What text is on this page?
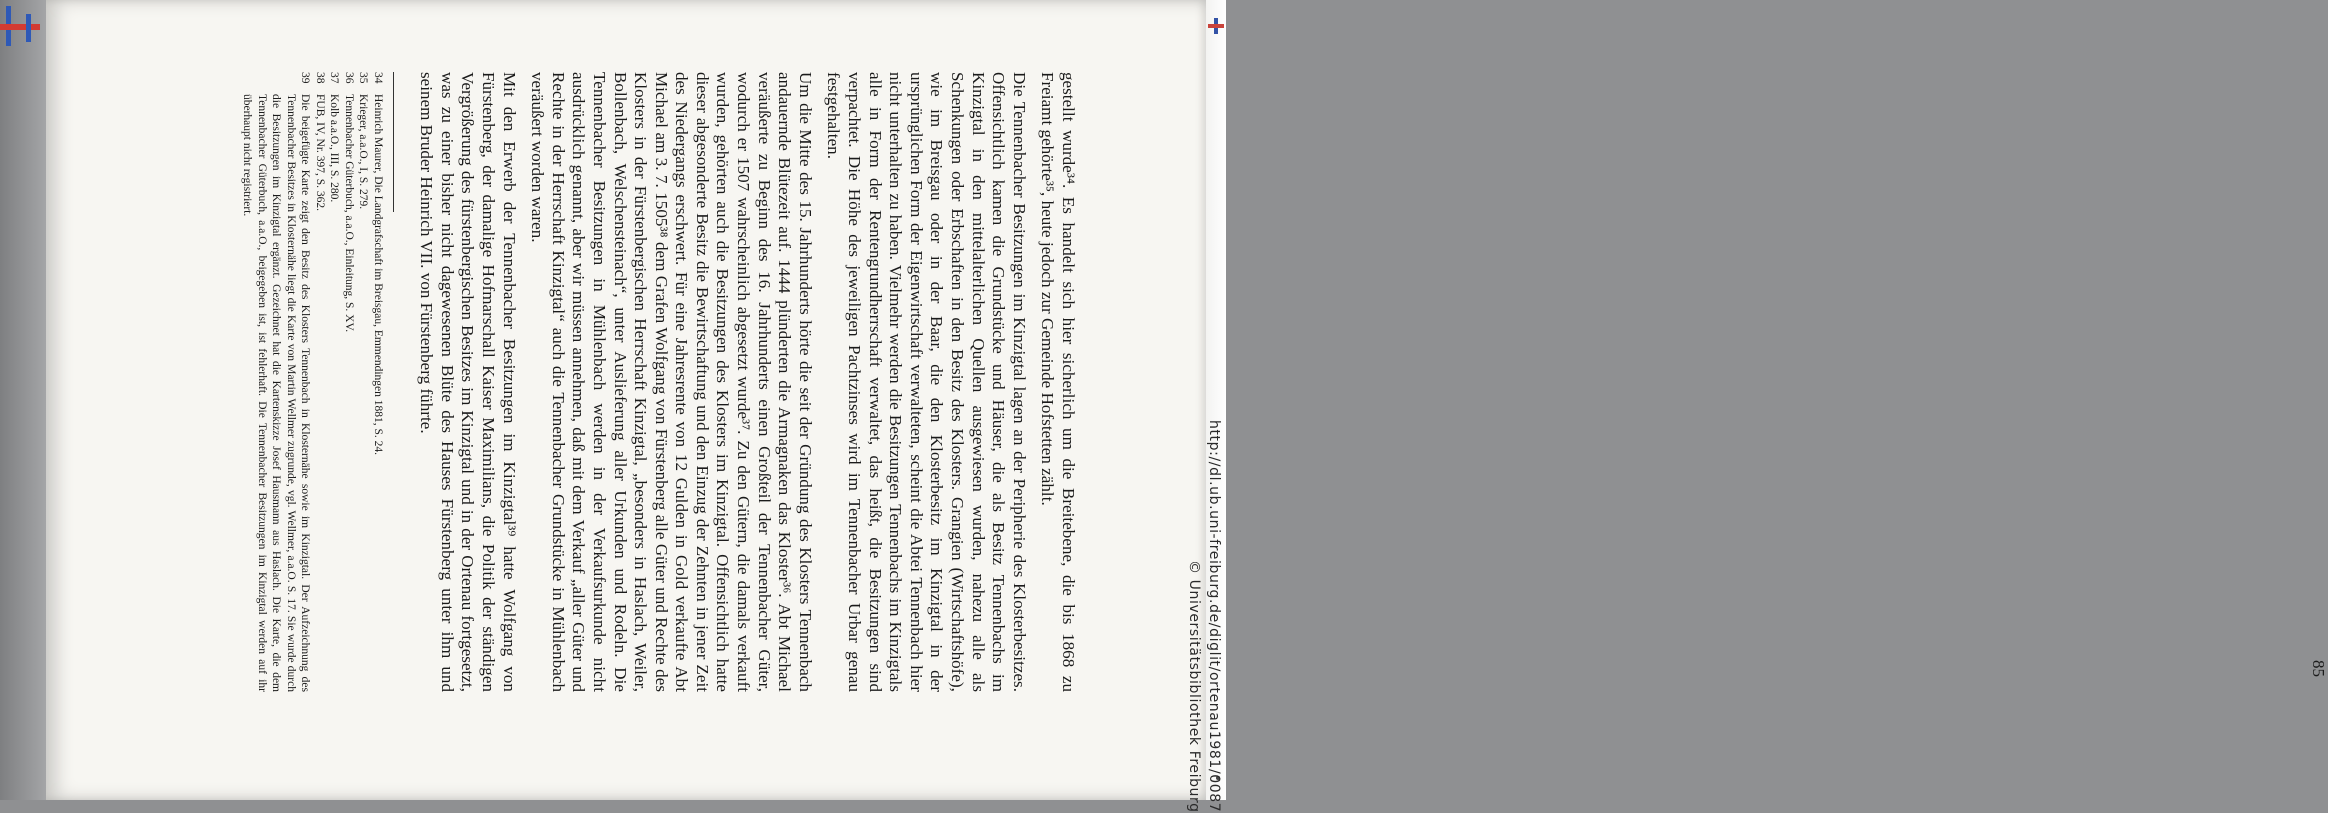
gestellt wurde³⁴. Es handelt sich hier sicherlich um die Breitebene, die bis 1868 zu Freiamt gehörte³⁵, heute jedoch zur Gemeinde Hofstetten zählt.

Die Tennenbacher Besitzungen im Kinzigtal lagen an der Peripherie des Klosterbesitzes. Offensichtlich kamen die Grundstücke und Häuser, die als Besitz Tennenbachs im Kinzigtal in den mittelalterlichen Quellen ausgewiesen wurden, nahezu alle als Schenkungen oder Erbschaften in den Besitz des Klosters. Grangien (Wirtschaftshöfe), wie im Breisgau oder in der Baar, die den Klosterbesitz im Kinzigtal in der ursprünglichen Form der Eigenwirtschaft verwalteten, scheint die Abtei Tennenbach hier nicht unterhalten zu haben. Vielmehr werden die Besitzungen Tennenbachs im Kinzigtals alle in Form der Rentengrundherrschaft verwaltet, das heißt, die Besitzungen sind verpachtet. Die Höhe des jeweiligen Pachtzinses wird im Tennenbacher Urbar genau festgehalten.

Um die Mitte des 15. Jahrhunderts hörte die seit der Gründung des Klosters Tennenbach andauernde Blütezeit auf. 1444 plünderten die Armagnaken das Kloster³⁶. Abt Michael veräußerte zu Beginn des 16. Jahrhunderts einen Großteil der Tennenbacher Güter, wodurch er 1507 wahrscheinlich abgesetzt wurde³⁷. Zu den Gütern, die damals verkauft wurden, gehörten auch die Besitzungen des Klosters im Kinzigtal. Offensichtlich hatte dieser abgesonderte Besitz die Bewirtschaftung und den Einzug der Zehnten in jener Zeit des Niedergangs erschwert. Für eine Jahresrente von 12 Gulden in Gold verkaufte Abt Michael am 3. 7. 1505³⁸ dem Grafen Wolfgang von Fürstenberg alle Güter und Rechte des Klosters in der Fürstenbergischen Herrschaft Kinzigtal, „besonders in Haslach, Weiler, Bollenbach, Welschensteinach“, unter Auslieferung aller Urkunden und Rodeln. Die Tennenbacher Besitzungen in Mühlenbach werden in der Verkaufsurkunde nicht ausdrücklich genannt, aber wir müssen annehmen, daß mit dem Verkauf „aller Güter und Rechte in der Herrschaft Kinzigtal“ auch die Tennenbacher Grundstücke in Mühlenbach veräußert worden waren.

Mit den Erwerb der Tennenbacher Besitzungen im Kinzigtal³⁹ hatte Wolfgang von Fürstenberg, der damalige Hofmarschall Kaiser Maximilians, die Politik der ständigen Vergrößerung des fürstenbergischen Besitzes im Kinzigtal und in der Ortenau fortgesetzt, was zu einer bisher nicht dagewesenen Blüte des Hauses Fürstenberg unter ihm und seinem Bruder Heinrich VII. von Fürstenberg führte.

34
Heinrich Maurer, Die Landgrafschaft im Breisgau, Emmendingen 1881, S. 24.
35
Krieger, a.a.O., I, S. 279.
36
Tennenbacher Güterbuch, a.a.O., Einleitung, S. XV.
37
Kolb a.a.O., III, S. 280.
38
FUB, IV, Nr. 397, S. 362.
39
Die beigefügte Karte zeigt den Besitz des Klosters Tennenbach in Klosternähe sowie im Kinzigtal. Der Aufzeichnung des Tennenbacher Besitzes in Klosternähe liegt die Karte von Martin Wellmer zugrunde, vgl. Wellmer, a.a.O. S. 17. Sie wurde durch die Besitzungen im Kinzigtal ergänzt. Gezeichnet hat die Kartenskizze Josef Hausmann aus Haslach. Die Karte, die dem Tennenbacher Güterbuch, a.a.O., beigegeben ist, ist fehlerhaft. Die Tennenbacher Besitzungen im Kinzigtal werden auf ihr überhaupt nicht registriert.

85

http://dl.ub.uni-freiburg.de/diglit/ortenau1981/0087

© Universitätsbibliothek Freiburg
